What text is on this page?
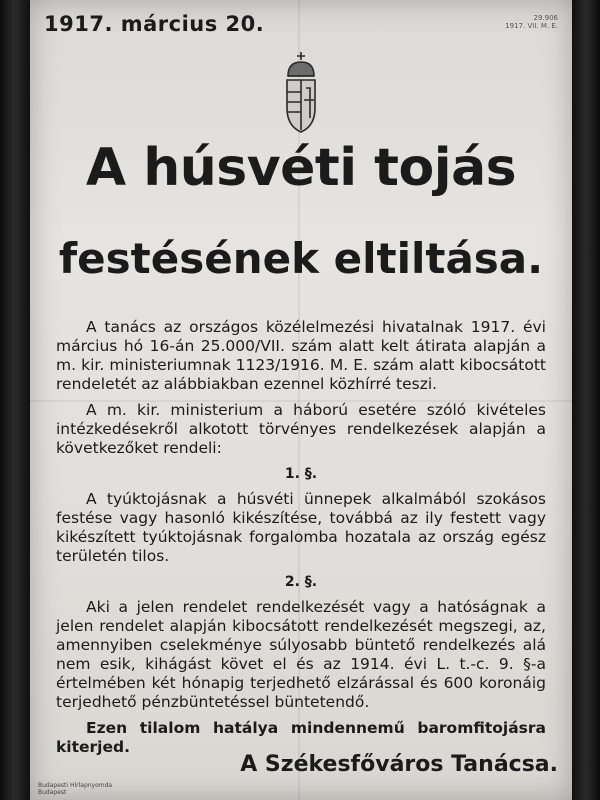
1917. március 20.	29.906
1917. VII. M. E.
A húsvéti tojás
festésének eltiltása.

A tanács az országos közélelmezési hivatalnak 1917. évi március hó 16-án 25.000/VII. szám alatt kelt átirata alapján a m. kir. ministeriumnak 1123/1916. M. E. szám alatt kibocsátott rendeletét az alábbiakban ezennel közhírré teszi.

A m. kir. ministerium a háború esetére szóló kivételes intézkedésekről alkotott törvényes rendelkezések alapján a következőket rendeli:

1. §.

A tyúktojásnak a húsvéti ünnepek alkalmából szokásos festése vagy hasonló kikészítése, továbbá az ily festett vagy kikészített tyúktojásnak forgalomba hozatala az ország egész területén tilos.

2. §.

Aki a jelen rendelet rendelkezését vagy a hatóságnak a jelen rendelet alapján kibocsátott rendelkezését megszegi, az, amennyiben cselekménye súlyosabb büntető rendelkezés alá nem esik, kihágást követ el és az 1914. évi L. t.-c. 9. §-a értelmében két hónapig terjedhető elzárással és 600 koronáig terjedhető pénzbüntetéssel büntetendő.

Ezen tilalom hatálya mindennemű baromfitojásra kiterjed.

A Székesfőváros Tanácsa.
Budapesti Hírlapnyomda
Budapest
